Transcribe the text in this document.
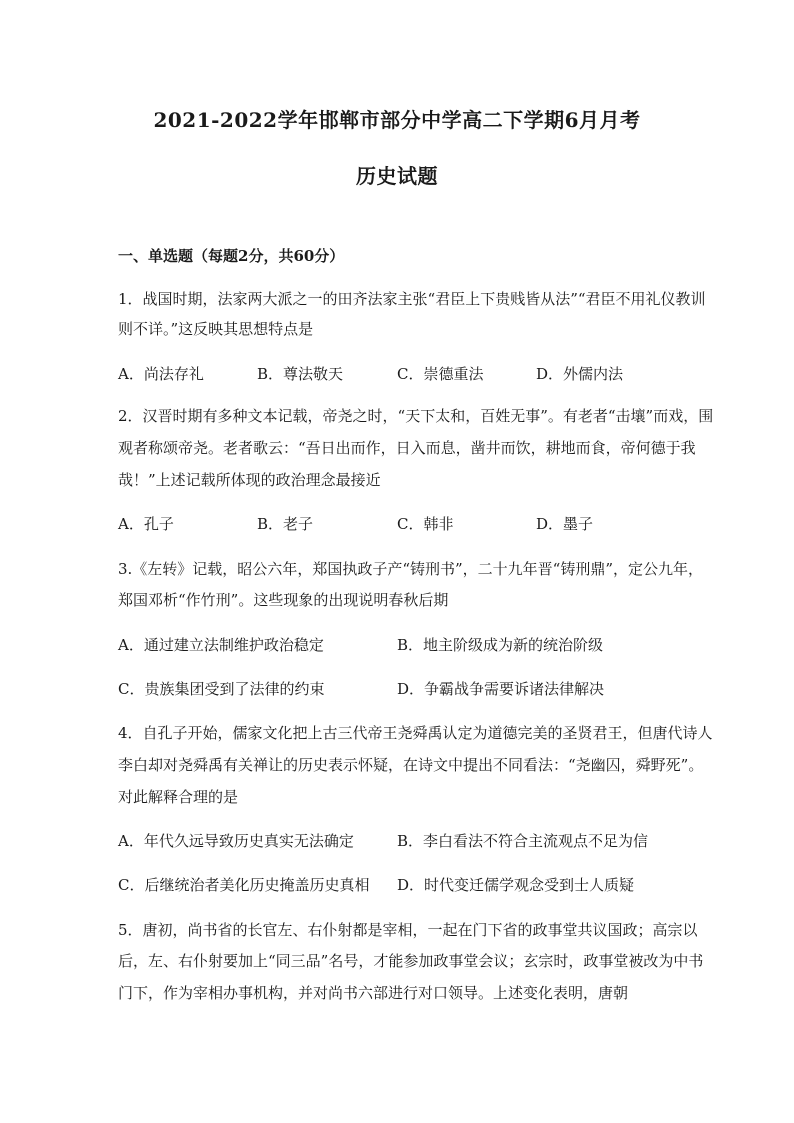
2021-2022学年邯郸市部分中学高二下学期6月月考
历史试题
一、单选题（每题2分，共60分）
1．战国时期，法家两大派之一的田齐法家主张“君臣上下贵贱皆从法”“君臣不用礼仪教训
则不详。”这反映其思想特点是
A．尚法存礼	B．尊法敬天	C．崇德重法	D．外儒内法
2．汉晋时期有多种文本记载，帝尧之时，“天下太和，百姓无事”。有老者“击壤”而戏，围
观者称颂帝尧。老者歌云：“吾日出而作，日入而息，凿井而饮，耕地而食，帝何德于我
哉！”上述记载所体现的政治理念最接近
A．孔子	B．老子	C．韩非	D．墨子
3.《左转》记载，昭公六年，郑国执政子产“铸刑书”，二十九年晋“铸刑鼎”，定公九年，
郑国邓析“作竹刑”。这些现象的出现说明春秋后期
A．通过建立法制维护政治稳定	B．地主阶级成为新的统治阶级
C．贵族集团受到了法律的约束	D．争霸战争需要诉诸法律解决
4．自孔子开始，儒家文化把上古三代帝王尧舜禹认定为道德完美的圣贤君王，但唐代诗人
李白却对尧舜禹有关禅让的历史表示怀疑，在诗文中提出不同看法：“尧幽囚，舜野死”。
对此解释合理的是
A．年代久远导致历史真实无法确定	B．李白看法不符合主流观点不足为信
C．后继统治者美化历史掩盖历史真相 D．时代变迁儒学观念受到士人质疑
5．唐初，尚书省的长官左、右仆射都是宰相，一起在门下省的政事堂共议国政；高宗以
后，左、右仆射要加上“同三品”名号，才能参加政事堂会议；玄宗时，政事堂被改为中书
门下，作为宰相办事机构，并对尚书六部进行对口领导。上述变化表明，唐朝
